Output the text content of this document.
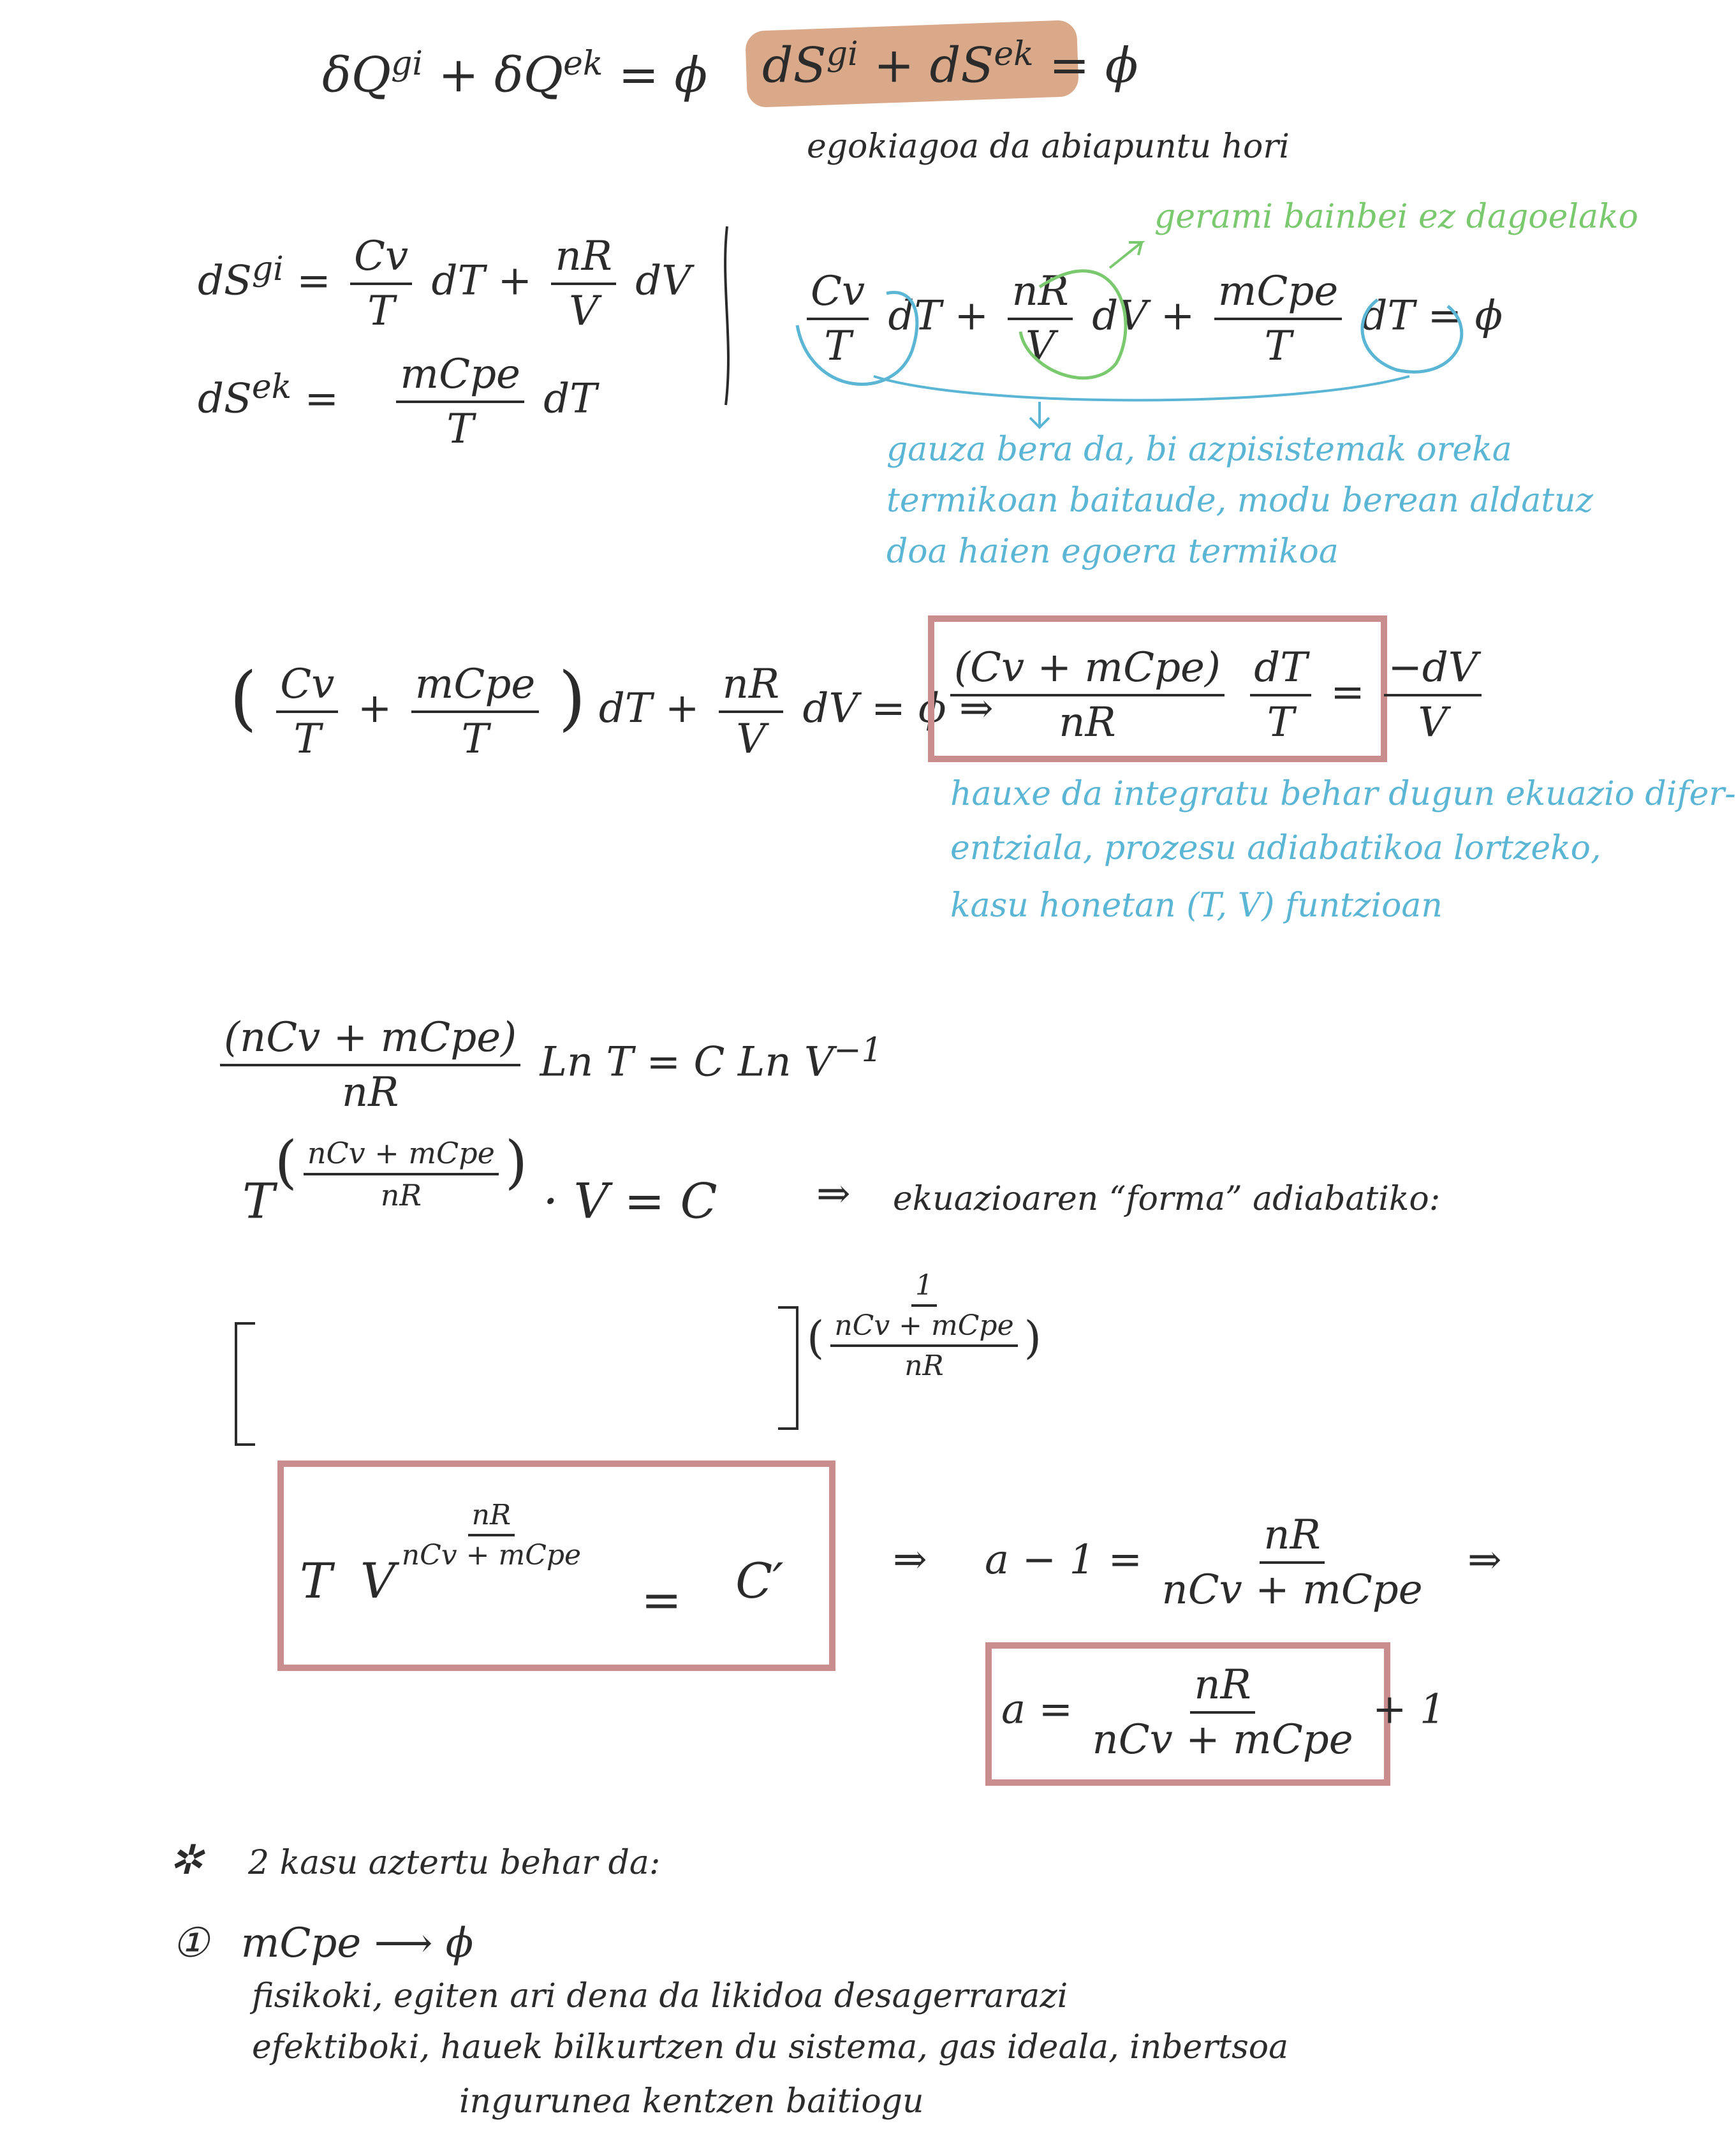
$\delta Q^{gi} + \delta Q^{ek} = \phi$ $dS^{gi} + dS^{ek} = \phi$
egokiagoa da abiapuntu hori
$dS^{gi} = \frac{Cv}{T}$ dT + $\frac{nR}{V}$ dV
$dS^{ek} = \frac{\text{mCpe}}{T}$ dT
$\frac{Cv}{T}$ dT + $\frac{nR}{V}$ dV + $\frac{\text{mCpe}}{T}$ dT = ϕ
gerami bainbei ez dagoelako
gauza bera da, bi azpisistemak oreka
termikoan baitaude, modu berean aldatuz
doa haien egoera termikoa
( $\frac{Cv}{T} + \frac{\text{mCpe}}{T}$ ) dT + $\frac{nR}{V}$ dV = ϕ ⇒
$\frac{\text{(Cv + mCpe)}}{nR}$
$\frac{dT}{T} = \frac{-dV}{V}$
hauxe da integratu behar dugun ekuazio difer-
entziala, prozesu adiabatikoa lortzeko,
kasu honetan (T, V) funtzioan
$\frac{\text{(nCv + mCpe)}}{nR}$ Ln T = C Ln $V^{-1}$
$T^{( \frac{\text{nCv + mCpe}}{nR} )} \cdot V = C$ ⇒ ekuazioaren “forma” adiabatiko:
$\frac{1}{( \frac{\text{nCv + mCpe}}{nR} )}$
T V
$^{\frac{nR}{\text{nCv + mCpe}}}$
= C′	⇒ $a - 1 = \frac{nR}{\text{nCv + mCpe}}$ ⇒
$a = \frac{nR}{\text{nCv + mCpe}} + 1$
✲ 2 kasu aztertu behar da:
① mCpe ⟶ ϕ
fisikoki, egiten ari dena da likidoa desagerrarazi
efektiboki, hauek bilkurtzen du sistema, gas ideala, inbertsoa
ingurunea kentzen baitiogu
